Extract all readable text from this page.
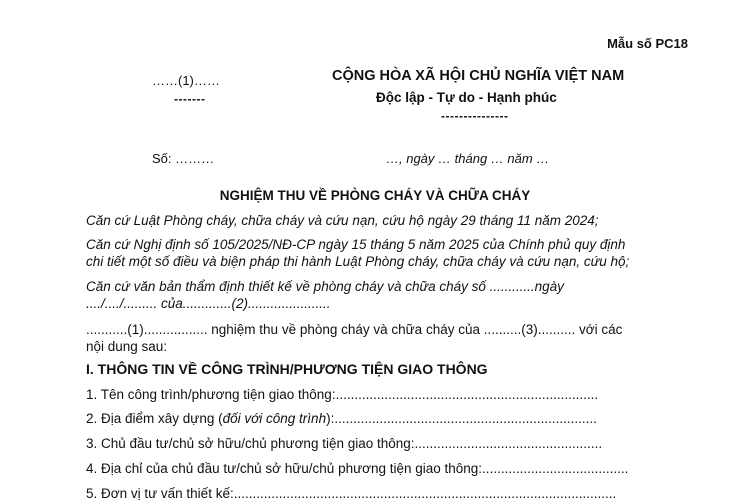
Mẫu số PC18
……(1)……
-------
CỘNG HÒA XÃ HỘI CHỦ NGHĨA VIỆT NAM
Độc lập - Tự do - Hạnh phúc
---------------
Số: ………	…, ngày … tháng … năm …
NGHIỆM THU VỀ PHÒNG CHÁY VÀ CHỮA CHÁY
Căn cứ Luật Phòng cháy, chữa cháy và cứu nạn, cứu hộ ngày 29 tháng 11 năm 2024;
Căn cứ Nghị định số 105/2025/NĐ-CP ngày 15 tháng 5 năm 2025 của Chính phủ quy định
chi tiết một số điều và biện pháp thi hành Luật Phòng cháy, chữa cháy và cứu nạn, cứu hộ;
Căn cứ văn bản thẩm định thiết kế về phòng cháy và chữa cháy số ............ngày
..../..../......... của.............(2)......................
...........(1)................. nghiệm thu về phòng cháy và chữa cháy của ..........(3).......... với các
nội dung sau:
I. THÔNG TIN VỀ CÔNG TRÌNH/PHƯƠNG TIỆN GIAO THÔNG
1. Tên công trình/phương tiện giao thông:......................................................................
2. Địa điểm xây dựng (đối với công trình):......................................................................
3. Chủ đầu tư/chủ sở hữu/chủ phương tiện giao thông:..................................................
4. Địa chỉ của chủ đầu tư/chủ sở hữu/chủ phương tiện giao thông:.......................................
5. Đơn vị tư vấn thiết kế:......................................................................................................
